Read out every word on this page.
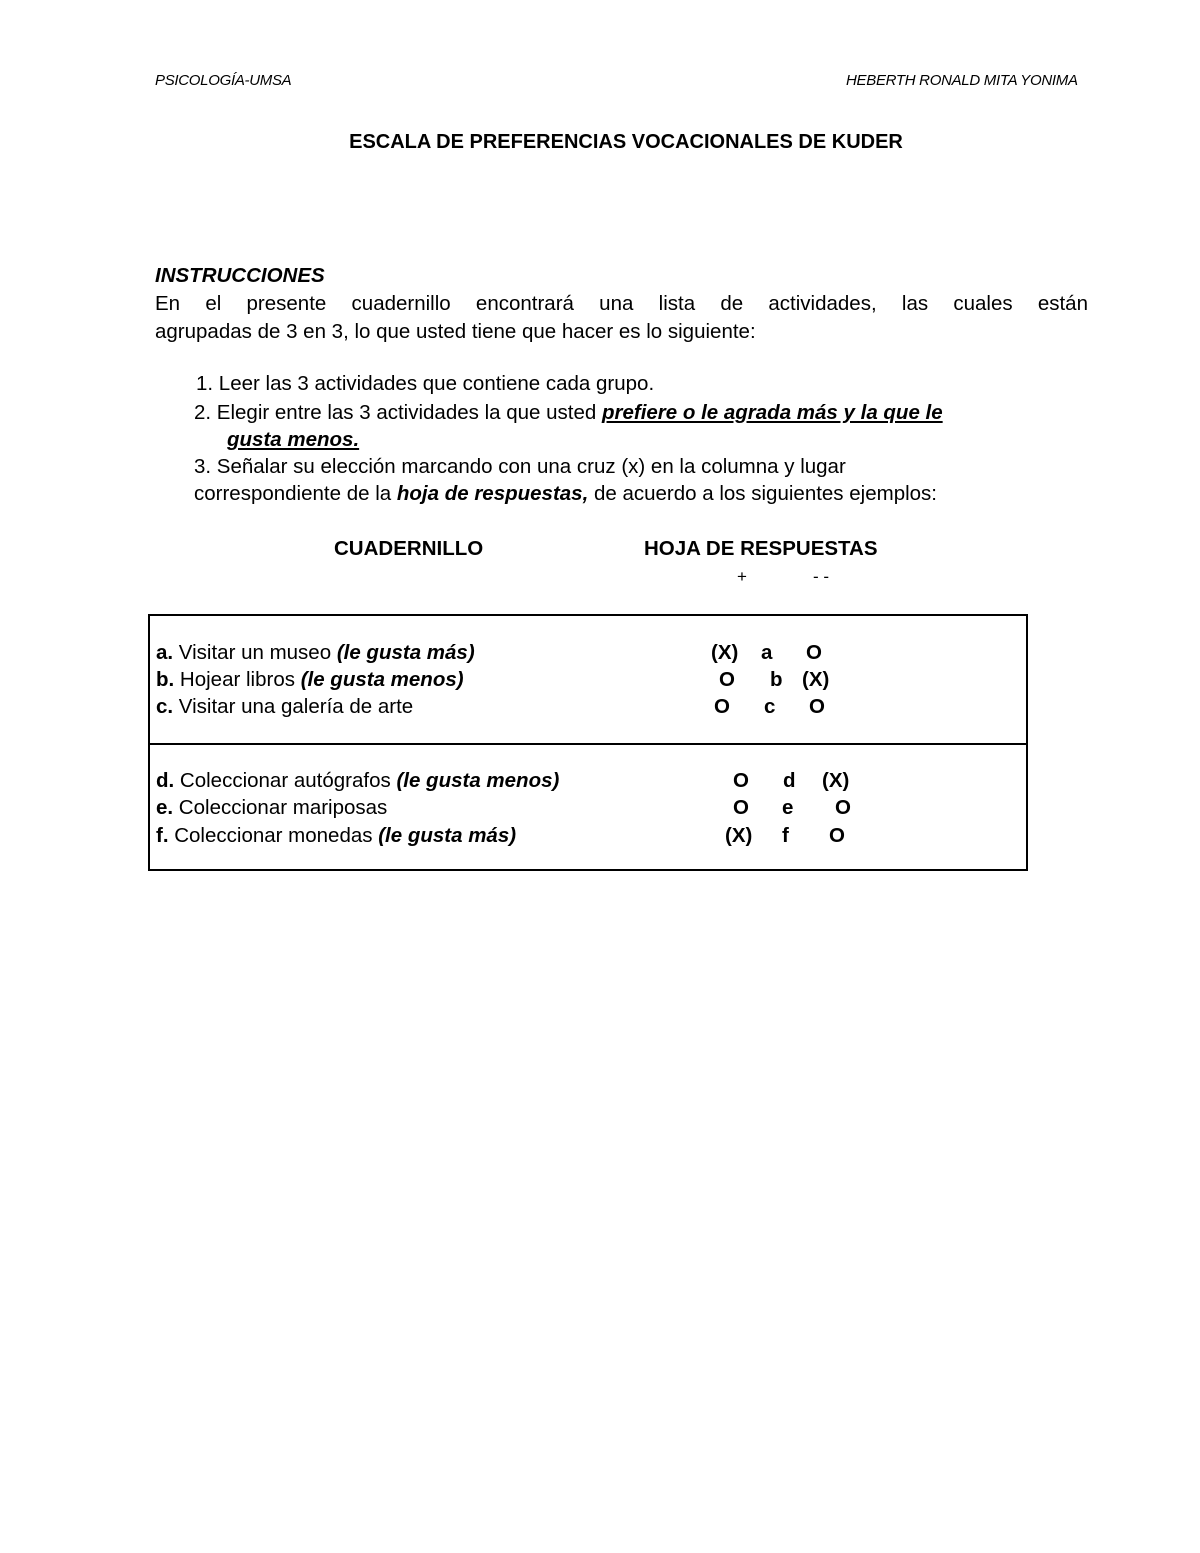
PSICOLOGÍA-UMSA	HEBERTH RONALD MITA YONIMA
ESCALA DE PREFERENCIAS VOCACIONALES DE KUDER
INSTRUCCIONES
En el presente cuadernillo encontrará una lista de actividades, las cuales están
agrupadas de 3 en 3, lo que usted tiene que hacer es lo siguiente:
1. Leer las 3 actividades que contiene cada grupo.
2. Elegir entre las 3 actividades la que usted prefiere o le agrada más y la que le
gusta menos.
3. Señalar su elección marcando con una cruz (x) en la columna y lugar
correspondiente de la hoja de respuestas, de acuerdo a los siguientes ejemplos:
CUADERNILLO	HOJA DE RESPUESTAS
+	- -
a. Visitar un museo (le gusta más)	(X) a O
b. Hojear libros (le gusta menos)	O b (X)
c. Visitar una galería de arte	O c O
d. Coleccionar autógrafos (le gusta menos)	O d (X)
e. Coleccionar mariposas	O e O
f. Coleccionar monedas (le gusta más)	(X) f O
